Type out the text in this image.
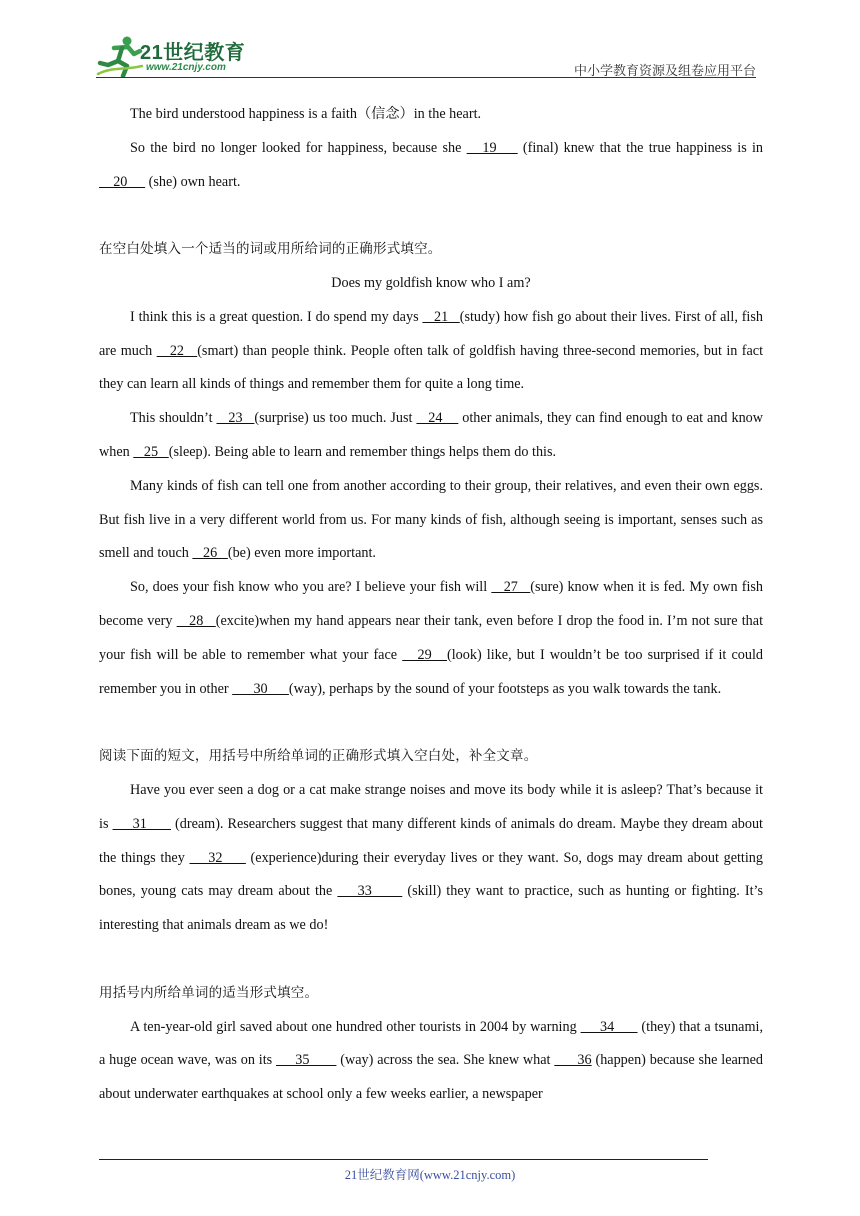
21世纪教育
www.21cnjy.com	中小学教育资源及组卷应用平台

The bird understood happiness is a faith（信念）in the heart.

So the bird no longer looked for happiness, because she    19     (final) knew that the true happiness is in     20      (she) own heart.

在空白处填入一个适当的词或用所给词的正确形式填空。

Does my goldfish know who I am?

I think this is a great question. I do spend my days    21   (study) how fish go about their lives. First of all, fish are much    22   (smart) than people think. People often talk of goldfish having three-second memories, but in fact they can learn all kinds of things and remember them for quite a long time.

This shouldn’t    23   (surprise) us too much. Just    24     other animals, they can find enough to eat and know when    25   (sleep). Being able to learn and remember things helps them do this.

Many kinds of fish can tell one from another according to their group, their relatives, and even their own eggs. But fish live in a very different world from us. For many kinds of fish, although seeing is important, senses such as smell and touch    26   (be) even more important.

So, does your fish know who you are? I believe your fish will    27   (sure) know when it is fed. My own fish become very    28   (excite)when my hand appears near their tank, even before I drop the food in. I’m not sure that your fish will be able to remember what your face    29   (look) like, but I wouldn’t be too surprised if it could remember you in other       30      (way), perhaps by the sound of your footsteps as you walk towards the tank.

阅读下面的短文，用括号中所给单词的正确形式填入空白处，补全文章。

Have you ever seen a dog or a cat make strange noises and move its body while it is asleep? That’s because it is      31       (dream). Researchers suggest that many different kinds of animals do dream. Maybe they dream about the things they     32      (experience)during their everyday lives or they want. So, dogs may dream about getting bones, young cats may dream about the     33       (skill) they want to practice, such as hunting or fighting. It’s interesting that animals dream as we do!

用括号内所给单词的适当形式填空。

A ten-year-old girl saved about one hundred other tourists in 2004 by warning      34       (they) that a tsunami, a huge ocean wave, was on its      35        (way) across the sea. She knew what       36 (happen) because she learned about underwater earthquakes at school only a few weeks earlier, a newspaper

21世纪教育网(www.21cnjy.com)
